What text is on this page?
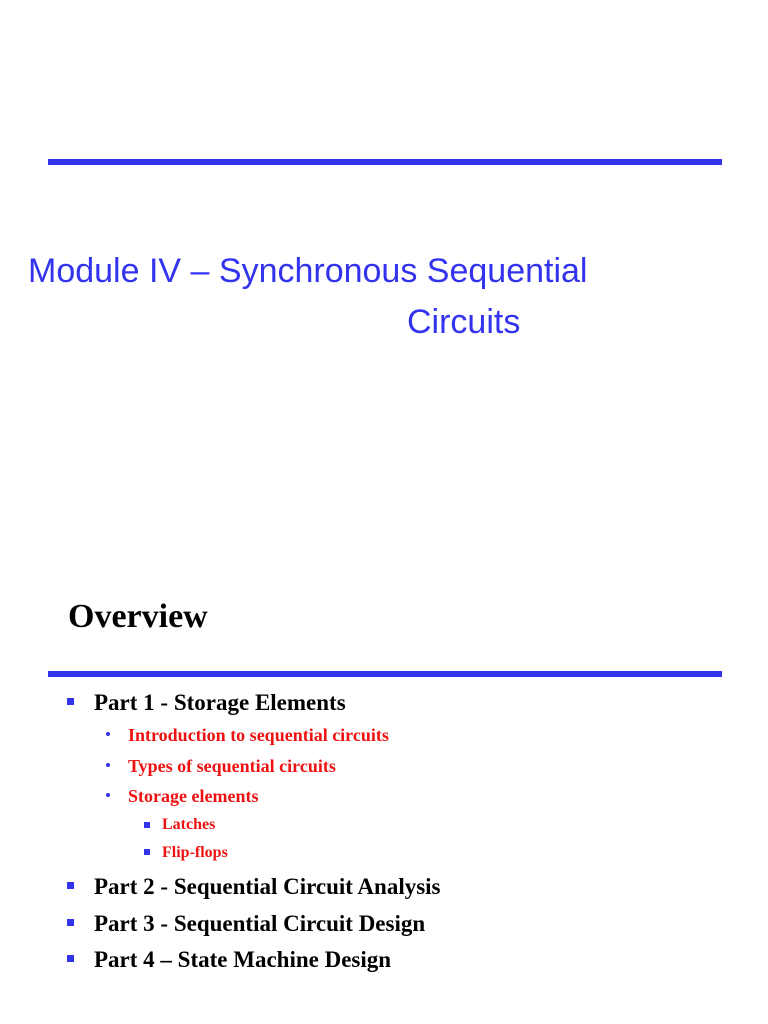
Module IV – Synchronous Sequential
Circuits
Overview
Part 1 - Storage Elements
Introduction to sequential circuits
Types of sequential circuits
Storage elements
Latches
Flip-flops
Part 2 - Sequential Circuit Analysis
Part 3 - Sequential Circuit Design
Part 4 – State Machine Design
